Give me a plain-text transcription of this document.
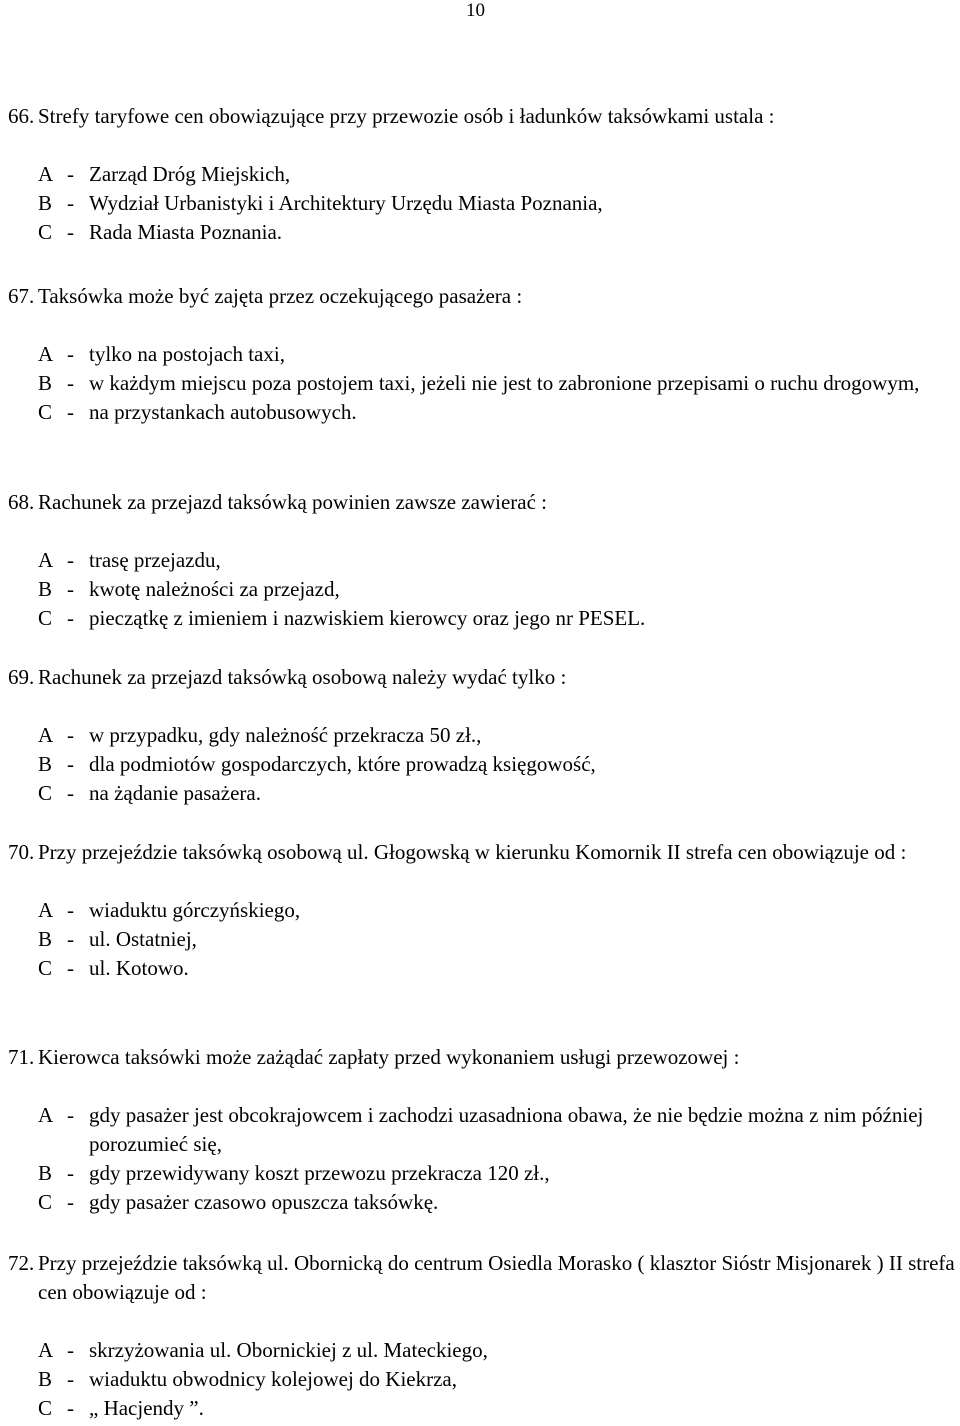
10
66. Strefy taryfowe cen obowiązujące przy przewozie osób i ładunków taksówkami ustala :
A - Zarząd Dróg Miejskich,
B - Wydział Urbanistyki i Architektury Urzędu Miasta Poznania,
C - Rada Miasta Poznania.
67. Taksówka może być zajęta przez oczekującego pasażera :
A - tylko na postojach taxi,
B - w każdym miejscu poza postojem taxi, jeżeli nie jest to zabronione przepisami o ruchu drogowym,
C - na przystankach autobusowych.
68. Rachunek za przejazd taksówką powinien zawsze zawierać :
A - trasę przejazdu,
B - kwotę należności za przejazd,
C - pieczątkę z imieniem i nazwiskiem kierowcy oraz jego nr PESEL.
69. Rachunek za przejazd taksówką osobową należy wydać tylko :
A - w przypadku, gdy należność przekracza 50 zł.,
B - dla podmiotów gospodarczych, które prowadzą księgowość,
C - na żądanie pasażera.
70. Przy przejeździe taksówką osobową ul. Głogowską w kierunku Komornik II strefa cen obowiązuje od :
A - wiaduktu górczyńskiego,
B - ul. Ostatniej,
C - ul. Kotowo.
71. Kierowca taksówki może zażądać zapłaty przed wykonaniem usługi przewozowej :
A - gdy pasażer jest obcokrajowcem i zachodzi uzasadniona obawa, że nie będzie można z nim później porozumieć się,
B - gdy przewidywany koszt przewozu przekracza 120 zł.,
C - gdy pasażer czasowo opuszcza taksówkę.
72. Przy przejeździe taksówką ul. Obornicką do centrum Osiedla Morasko ( klasztor Sióstr Misjonarek ) II strefa cen obowiązuje od :
A - skrzyżowania ul. Obornickiej z ul. Mateckiego,
B - wiaduktu obwodnicy kolejowej do Kiekrza,
C - „ Hacjendy ”.
